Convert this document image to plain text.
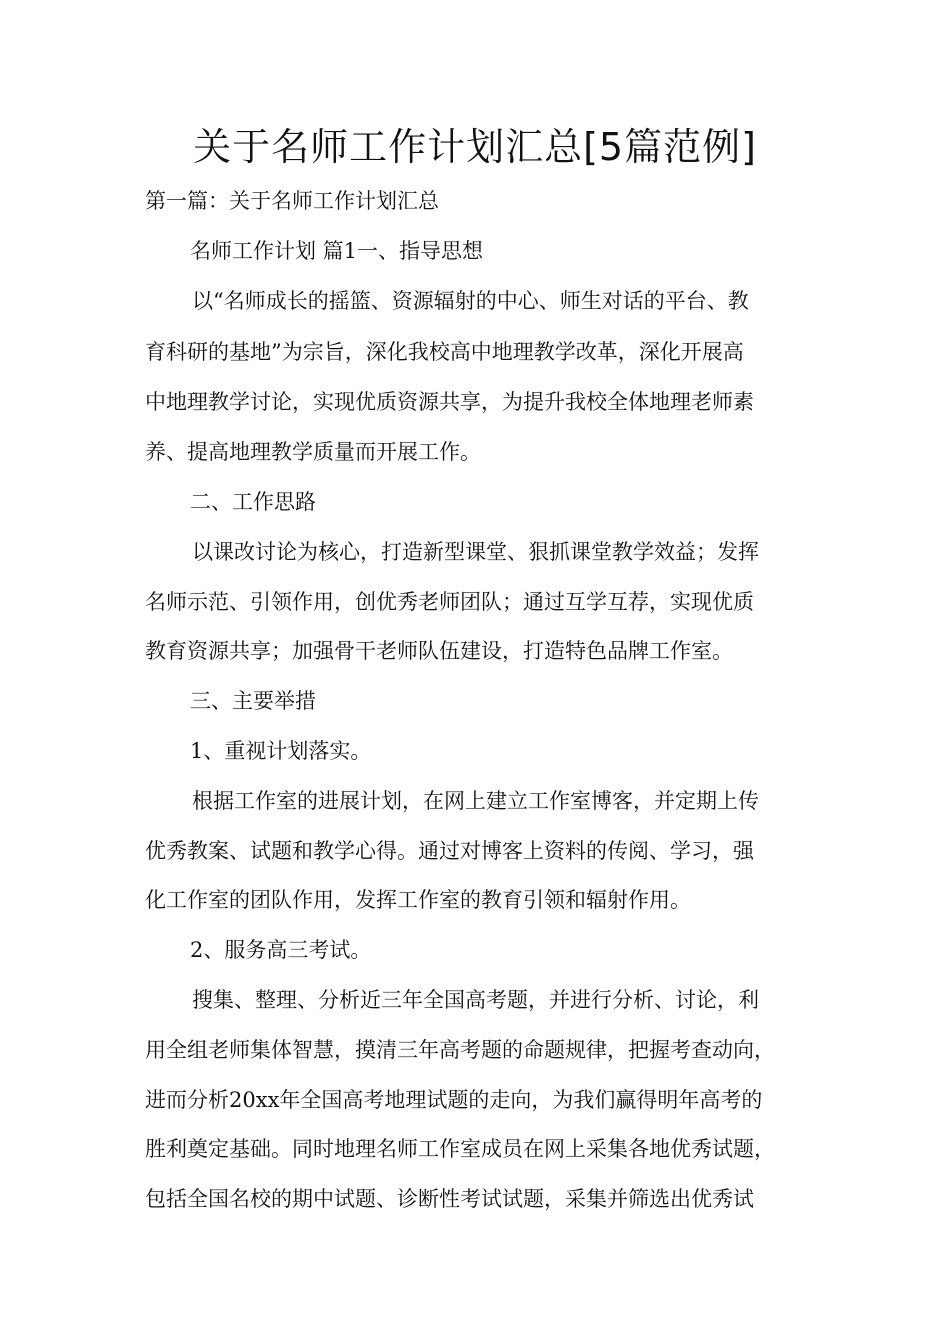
关于名师工作计划汇总[5篇范例]

第一篇：关于名师工作计划汇总

名师工作计划 篇1一、指导思想

以“名师成长的摇篮、资源辐射的中心、师生对话的平台、教

育科研的基地”为宗旨，深化我校高中地理教学改革，深化开展高

中地理教学讨论，实现优质资源共享，为提升我校全体地理老师素

养、提高地理教学质量而开展工作。

二、工作思路

以课改讨论为核心，打造新型课堂、狠抓课堂教学效益；发挥

名师示范、引领作用，创优秀老师团队；通过互学互荐，实现优质

教育资源共享；加强骨干老师队伍建设，打造特色品牌工作室。

三、主要举措

1、重视计划落实。

根据工作室的进展计划，在网上建立工作室博客，并定期上传

优秀教案、试题和教学心得。通过对博客上资料的传阅、学习，强

化工作室的团队作用，发挥工作室的教育引领和辐射作用。

2、服务高三考试。

搜集、整理、分析近三年全国高考题，并进行分析、讨论，利

用全组老师集体智慧，摸清三年高考题的命题规律，把握考查动向，

进而分析20xx年全国高考地理试题的走向，为我们赢得明年高考的

胜利奠定基础。同时地理名师工作室成员在网上采集各地优秀试题，

包括全国名校的期中试题、诊断性考试试题，采集并筛选出优秀试
